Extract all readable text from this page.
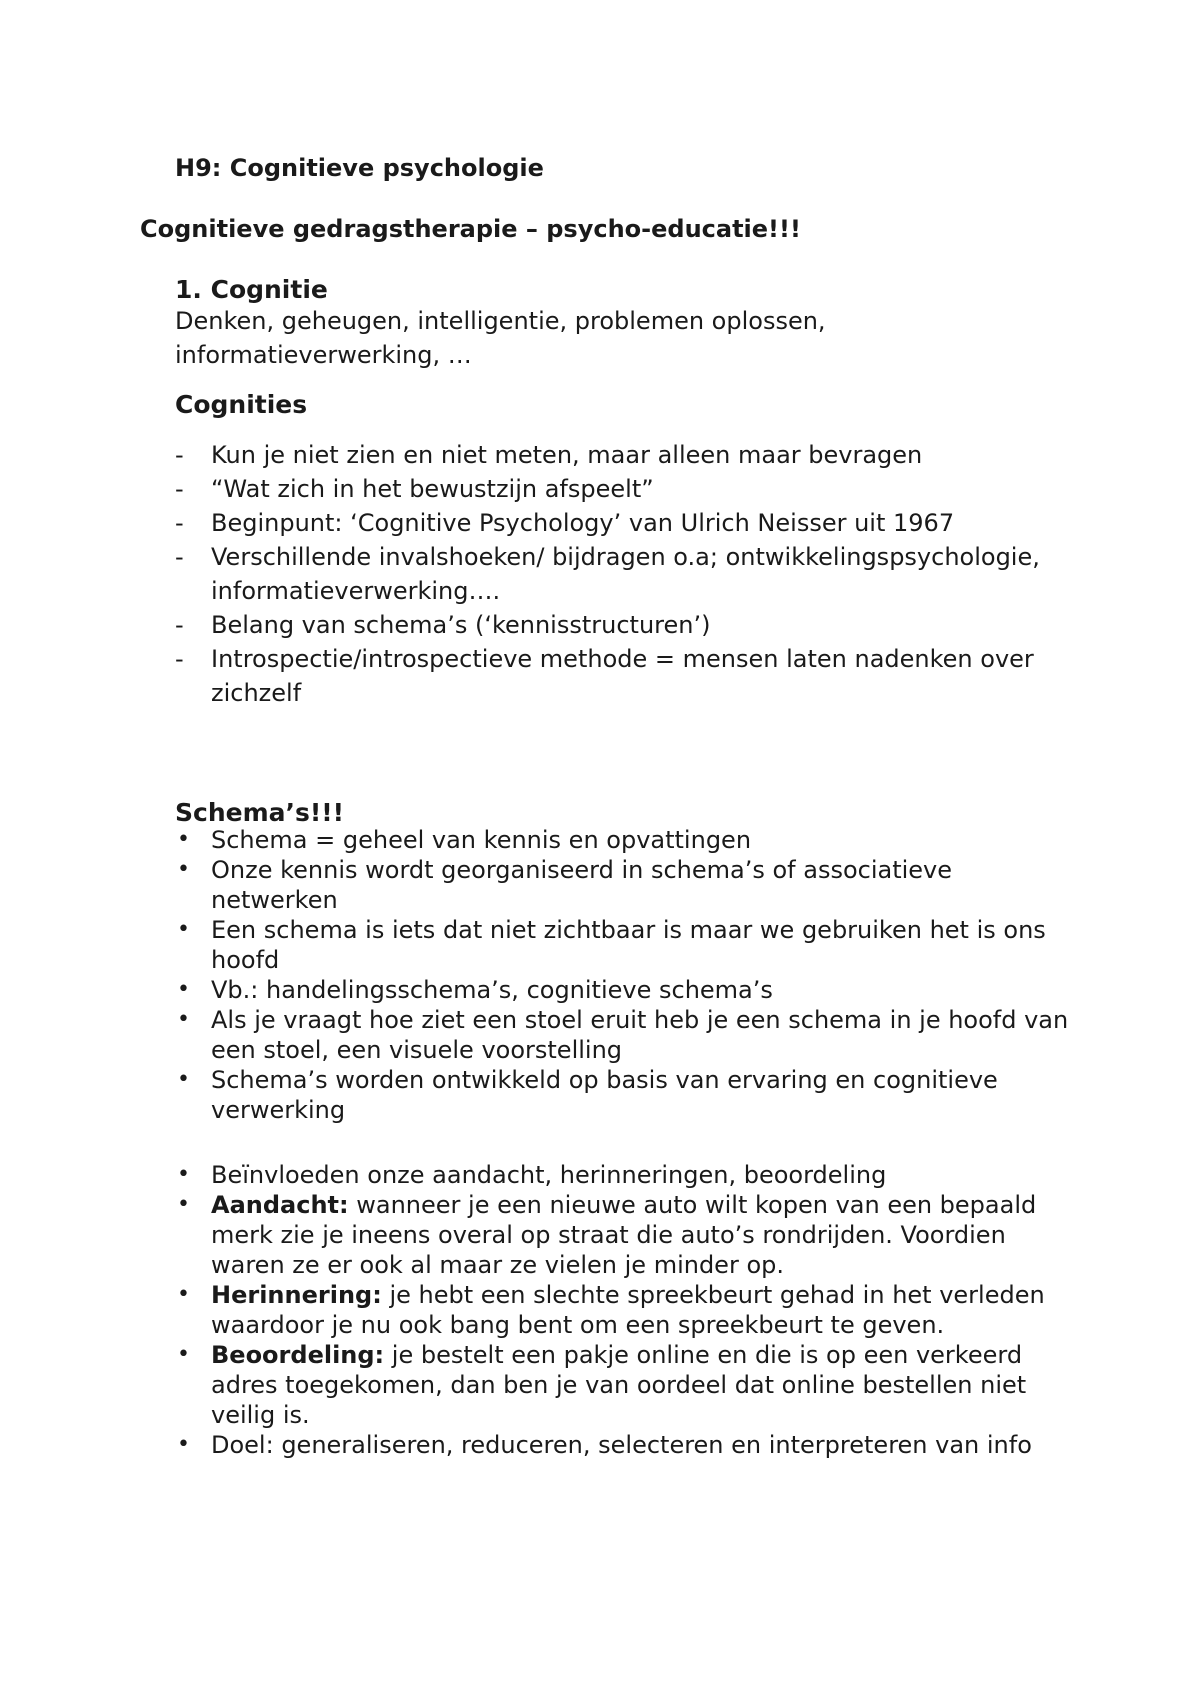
H9: Cognitieve psychologie
Cognitieve gedragstherapie – psycho-educatie!!!
1. Cognitie
Denken, geheugen, intelligentie, problemen oplossen,
informatieverwerking, …
Cognities
-	Kun je niet zien en niet meten, maar alleen maar bevragen
-	“Wat zich in het bewustzijn afspeelt”
-	Beginpunt: ‘Cognitive Psychology’ van Ulrich Neisser uit 1967
-	Verschillende invalshoeken/ bijdragen o.a; ontwikkelingspsychologie, informatieverwerking….
-	Belang van schema’s (‘kennisstructuren’)
-	Introspectie/introspectieve methode = mensen laten nadenken over zichzelf
Schema’s!!!
• Schema = geheel van kennis en opvattingen
• Onze kennis wordt georganiseerd in schema’s of associatieve netwerken
• Een schema is iets dat niet zichtbaar is maar we gebruiken het is ons hoofd
• Vb.: handelingsschema’s, cognitieve schema’s
• Als je vraagt hoe ziet een stoel eruit heb je een schema in je hoofd van een stoel, een visuele voorstelling
• Schema’s worden ontwikkeld op basis van ervaring en cognitieve verwerking
• Beïnvloeden onze aandacht, herinneringen, beoordeling
• Aandacht: wanneer je een nieuwe auto wilt kopen van een bepaald merk zie je ineens overal op straat die auto’s rondrijden. Voordien waren ze er ook al maar ze vielen je minder op.
• Herinnering: je hebt een slechte spreekbeurt gehad in het verleden waardoor je nu ook bang bent om een spreekbeurt te geven.
• Beoordeling: je bestelt een pakje online en die is op een verkeerd adres toegekomen, dan ben je van oordeel dat online bestellen niet veilig is.
• Doel: generaliseren, reduceren, selecteren en interpreteren van info
